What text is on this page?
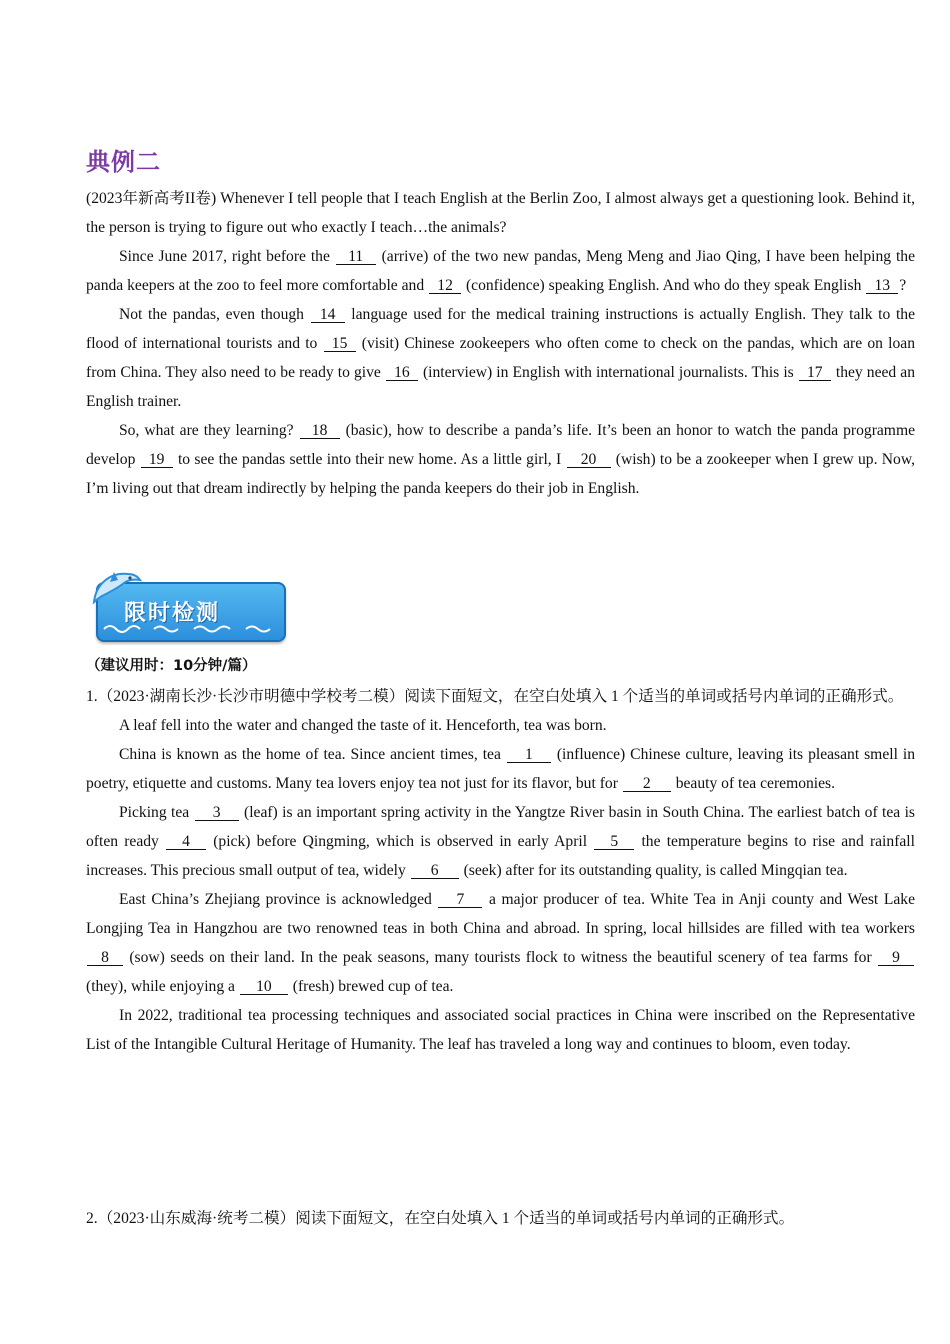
典例二

(2023年新高考II卷) Whenever I tell people that I teach English at the Berlin Zoo, I almost always get a questioning look. Behind it, the person is trying to figure out who exactly I teach…the animals?

Since June 2017, right before the 11 (arrive) of the two new pandas, Meng Meng and Jiao Qing, I have been helping the panda keepers at the zoo to feel more comfortable and 12 (confidence) speaking English. And who do they speak English 13 ?

Not the pandas, even though 14 language used for the medical training instructions is actually English. They talk to the flood of international tourists and to 15 (visit) Chinese zookeepers who often come to check on the pandas, which are on loan from China. They also need to be ready to give 16 (interview) in English with international journalists. This is 17 they need an English trainer.

So, what are they learning? 18 (basic), how to describe a panda’s life. It’s been an honor to watch the panda programme develop 19 to see the pandas settle into their new home. As a little girl, I 20 (wish) to be a zookeeper when I grew up. Now, I’m living out that dream indirectly by helping the panda keepers do their job in English.

限时检测
（建议用时：10分钟/篇）

1.（2023·湖南长沙·长沙市明德中学校考二模）阅读下面短文，在空白处填入 1 个适当的单词或括号内单词的正确形式。

A leaf fell into the water and changed the taste of it. Henceforth, tea was born.

China is known as the home of tea. Since ancient times, tea 1 (influence) Chinese culture, leaving its pleasant smell in poetry, etiquette and customs. Many tea lovers enjoy tea not just for its flavor, but for 2 beauty of tea ceremonies.

Picking tea 3 (leaf) is an important spring activity in the Yangtze River basin in South China. The earliest batch of tea is often ready 4 (pick) before Qingming, which is observed in early April 5 the temperature begins to rise and rainfall increases. This precious small output of tea, widely 6 (seek) after for its outstanding quality, is called Mingqian tea.

East China’s Zhejiang province is acknowledged 7 a major producer of tea. White Tea in Anji county and West Lake Longjing Tea in Hangzhou are two renowned teas in both China and abroad. In spring, local hillsides are filled with tea workers 8 (sow) seeds on their land. In the peak seasons, many tourists flock to witness the beautiful scenery of tea farms for 9 (they), while enjoying a 10 (fresh) brewed cup of tea.

In 2022, traditional tea processing techniques and associated social practices in China were inscribed on the Representative List of the Intangible Cultural Heritage of Humanity. The leaf has traveled a long way and continues to bloom, even today.

2.（2023·山东威海·统考二模）阅读下面短文，在空白处填入 1 个适当的单词或括号内单词的正确形式。
